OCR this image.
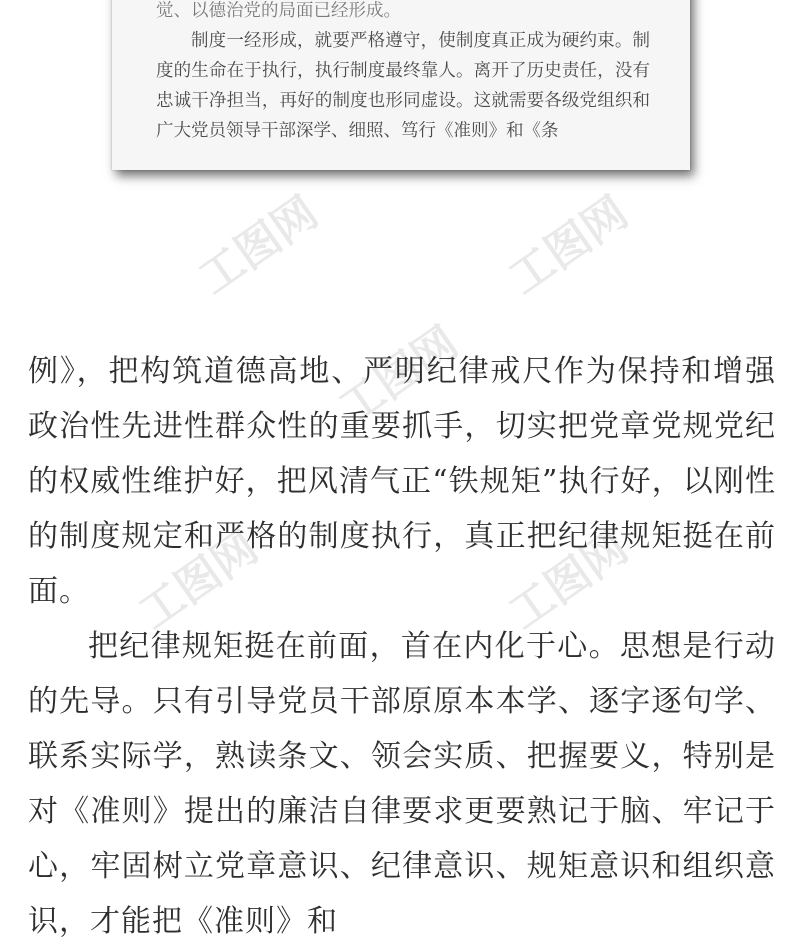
觉、以德治党的局面已经形成。

制度一经形成，就要严格遵守，使制度真正成为硬约束。制度的生命在于执行，执行制度最终靠人。离开了历史责任，没有忠诚干净担当，再好的制度也形同虚设。这就需要各级党组织和广大党员领导干部深学、细照、笃行《准则》和《条

工图网	工图网
工图网
工图网	工图网

例》，把构筑道德高地、严明纪律戒尺作为保持和增强政治性先进性群众性的重要抓手，切实把党章党规党纪的权威性维护好，把风清气正“铁规矩”执行好，以刚性的制度规定和严格的制度执行，真正把纪律规矩挺在前面。

把纪律规矩挺在前面，首在内化于心。思想是行动的先导。只有引导党员干部原原本本学、逐字逐句学、联系实际学，熟读条文、领会实质、把握要义，特别是对《准则》提出的廉洁自律要求更要熟记于脑、牢记于心，牢固树立党章意识、纪律意识、规矩意识和组织意识，才能把《准则》和
